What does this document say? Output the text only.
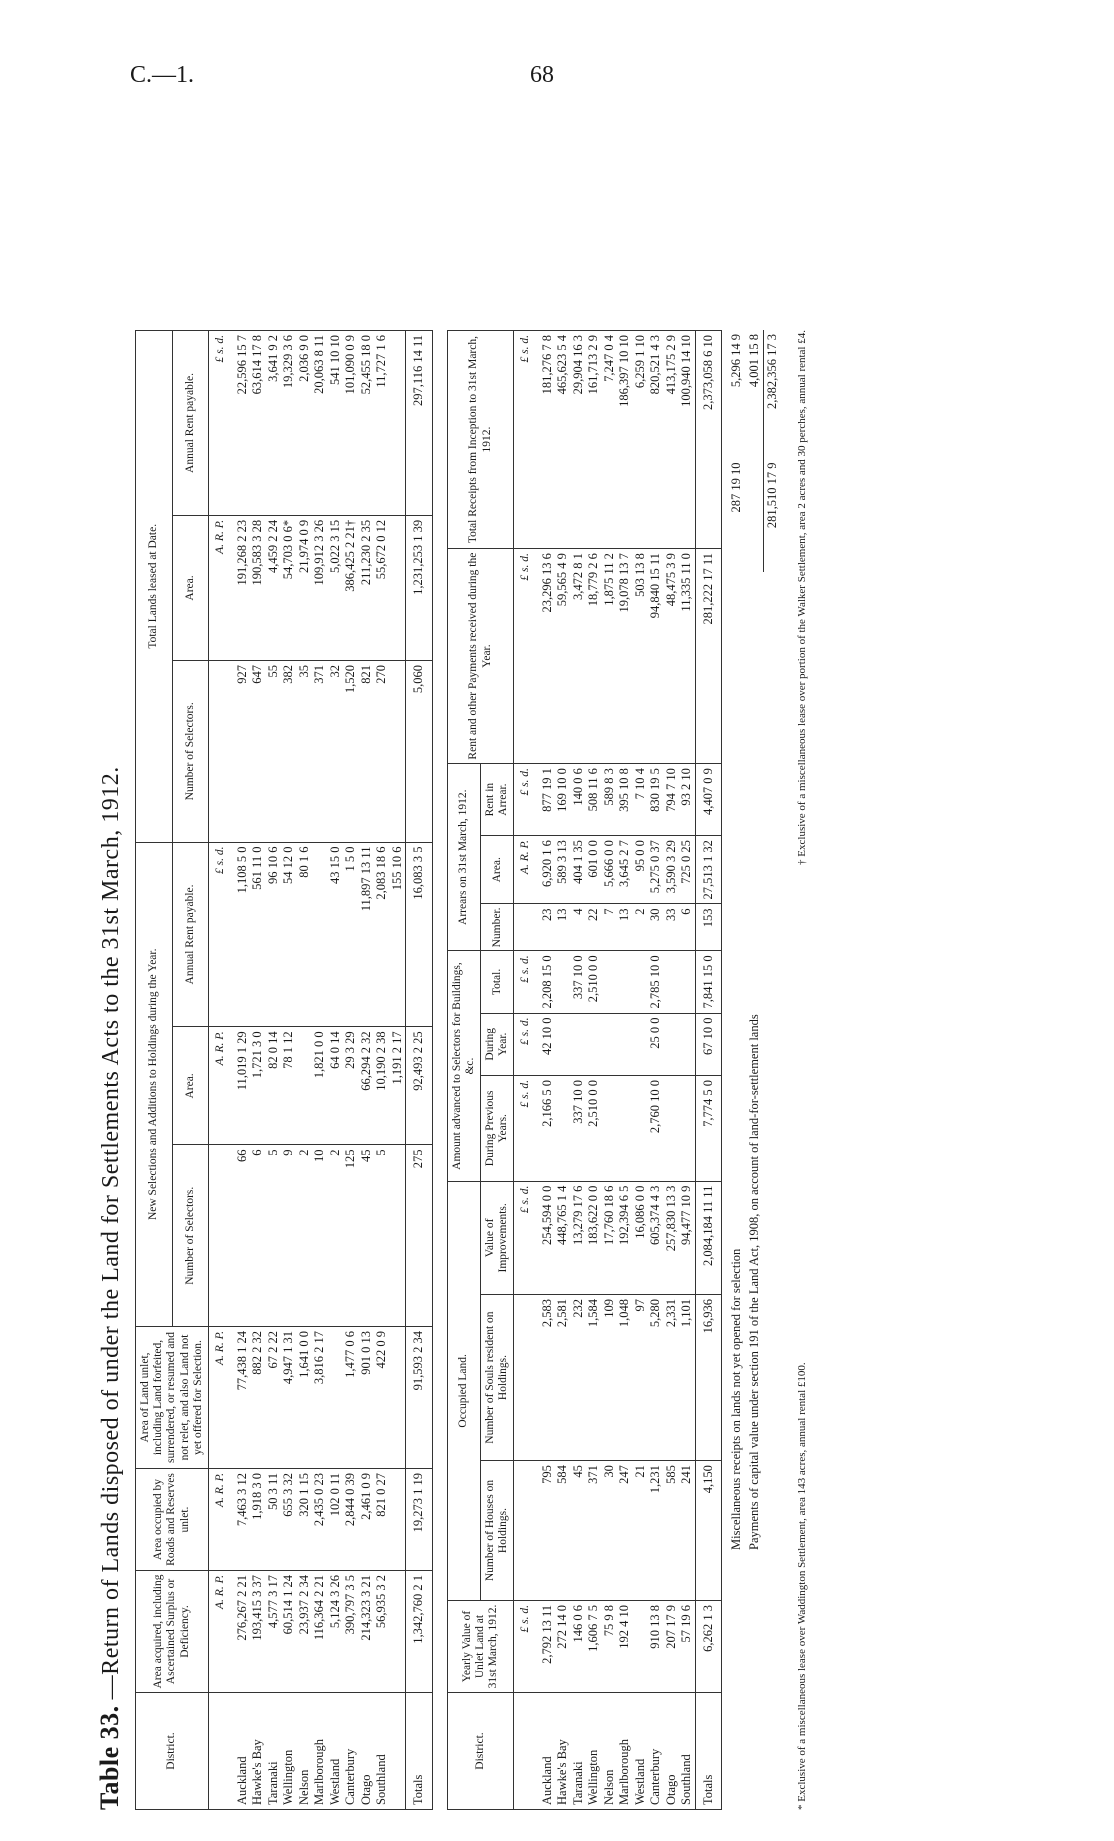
C.—1.	68
Table 33.—Return of Lands disposed of under the Land for Settlements Acts to the 31st March, 1912.
District.	Area acquired, including Ascertained Surplus or Deficiency.	Area occupied by Roads and Reserves unlet.	Area of Land unlet, including Land forfeited, surrendered, or resumed and not relet, and also Land not yet offered for Selection.	New Selections and Additions to Holdings during the Year.			Total Lands leased at Date.		
				Number of Selectors.	Area.	Annual Rent payable.	Number of Selectors.	Area.	Annual Rent payable.
	A. R. P.	A. R. P.	A. R. P.		A. R. P.	£ s. d.		A. R. P.	£ s. d.
Auckland	276,267 2 21	7,463 3 12	77,438 1 24	66	11,019 1 29	1,108 5 0	927	191,268 2 23	22,596 15 7
Hawke's Bay	193,415 3 37	1,918 3 0	882 2 32	6	1,721 3 0	561 11 0	647	190,583 3 28	63,614 17 8
Taranaki	4,577 3 17	50 3 11	67 2 22	5	82 0 14	96 10 6	55	4,459 2 24	3,641 9 2
Wellington	60,514 1 24	655 3 32	4,947 1 31	9	78 1 12	54 12 0	382	54,703 0 6*	19,329 3 6
Nelson	23,937 2 34	320 1 15	1,641 0 0	2		80 1 6	35	21,974 0 9	2,036 9 0
Marlborough	116,364 2 21	2,435 0 23	3,816 2 17	10	1,821 0 0		371	109,912 3 26	20,063 8 11
Westland	5,124 3 26	102 0 11		2	64 0 14	43 15 0	32	5,022 3 15	541 10 10
Canterbury	390,797 3 5	2,844 0 39	1,477 0 6	125	29 3 29	1 5 0	1,520	386,425 2 21†	101,090 0 9
Otago	214,323 3 21	2,461 0 9	901 0 13	45	66,294 2 32	11,897 13 11	821	211,230 2 35	52,455 18 0
Southland	56,935 3 2	821 0 27	422 0 9	5	10,190 2 38	2,083 18 6	270	55,672 0 12	11,727 1 6
					1,191 2 17	155 10 6			
Totals	1,342,760 2 1	19,273 1 19	91,593 2 34	275	92,493 2 25	16,083 3 5	5,060	1,231,253 1 39	297,116 14 11
District.	Yearly Value of Unlet Land at 31st March, 1912.	Occupied Land.			Amount advanced to Selectors for Buildings, &c.			Arrears on 31st March, 1912.			Rent and other Payments received during the Year.	Total Receipts from Inception to 31st March, 1912.
		Number of Houses on Holdings.	Number of Souls resident on Holdings.	Value of Improvements.	During Previous Years.	During Year.	Total.	Number.	Area.	Rent in Arrear.		
	£ s. d.			£ s. d.	£ s. d.	£ s. d.	£ s. d.		A. R. P.	£ s. d.	£ s. d.	£ s. d.
Auckland	2,792 13 11	795	2,583	254,594 0 0	2,166 5 0	42 10 0	2,208 15 0	23	6,920 1 6	877 19 1	23,296 13 6	181,276 7 8
Hawke's Bay	272 14 0	584	2,581	448,765 1 4				13	589 3 13	169 10 0	59,565 4 9	465,623 5 4
Taranaki	146 0 6	45	232	13,279 17 6	337 10 0		337 10 0	4	404 1 35	140 0 6	3,472 8 1	29,904 16 3
Wellington	1,606 7 5	371	1,584	183,622 0 0	2,510 0 0		2,510 0 0	22	601 0 0	508 11 6	18,779 2 6	161,713 2 9
Nelson	75 9 8	30	109	17,760 18 6				7	5,666 0 0	589 8 3	1,875 11 2	7,247 0 4
Marlborough	192 4 10	247	1,048	192,394 6 5				13	3,645 2 7	395 10 8	19,078 13 7	186,397 10 10
Westland		21	97	16,086 0 0				2	95 0 0	7 10 4	503 13 8	6,259 1 10
Canterbury	910 13 8	1,231	5,280	605,374 4 3	2,760 10 0	25 0 0	2,785 10 0	30	5,275 0 37	830 19 5	94,840 15 11	820,521 4 3
Otago	207 17 9	585	2,331	257,830 13 3				33	3,590 3 29	794 7 10	48,475 3 9	413,175 2 9
Southland	57 19 6	241	1,101	94,477 10 9				6	725 0 25	93 2 10	11,335 11 0	100,940 14 10
Totals	6,262 1 3	4,150	16,936	2,084,184 11 11	7,774 5 0	67 10 0	7,841 15 0	153	27,513 1 32	4,407 0 9	281,222 17 11	2,373,058 6 10
Miscellaneous receipts on lands not yet opened for selection	287 19 10	5,296 14 9
Payments of capital value under section 191 of the Land Act, 1908, on account of land-for-settlement lands		4,001 15 8
	281,510 17 9	2,382,356 17 3
* Exclusive of a miscellaneous lease over Waddington Settlement, area 143 acres, annual rental £100.
† Exclusive of a miscellaneous lease over portion of the Walker Settlement, area 2 acres and 30 perches, annual rental £4.
